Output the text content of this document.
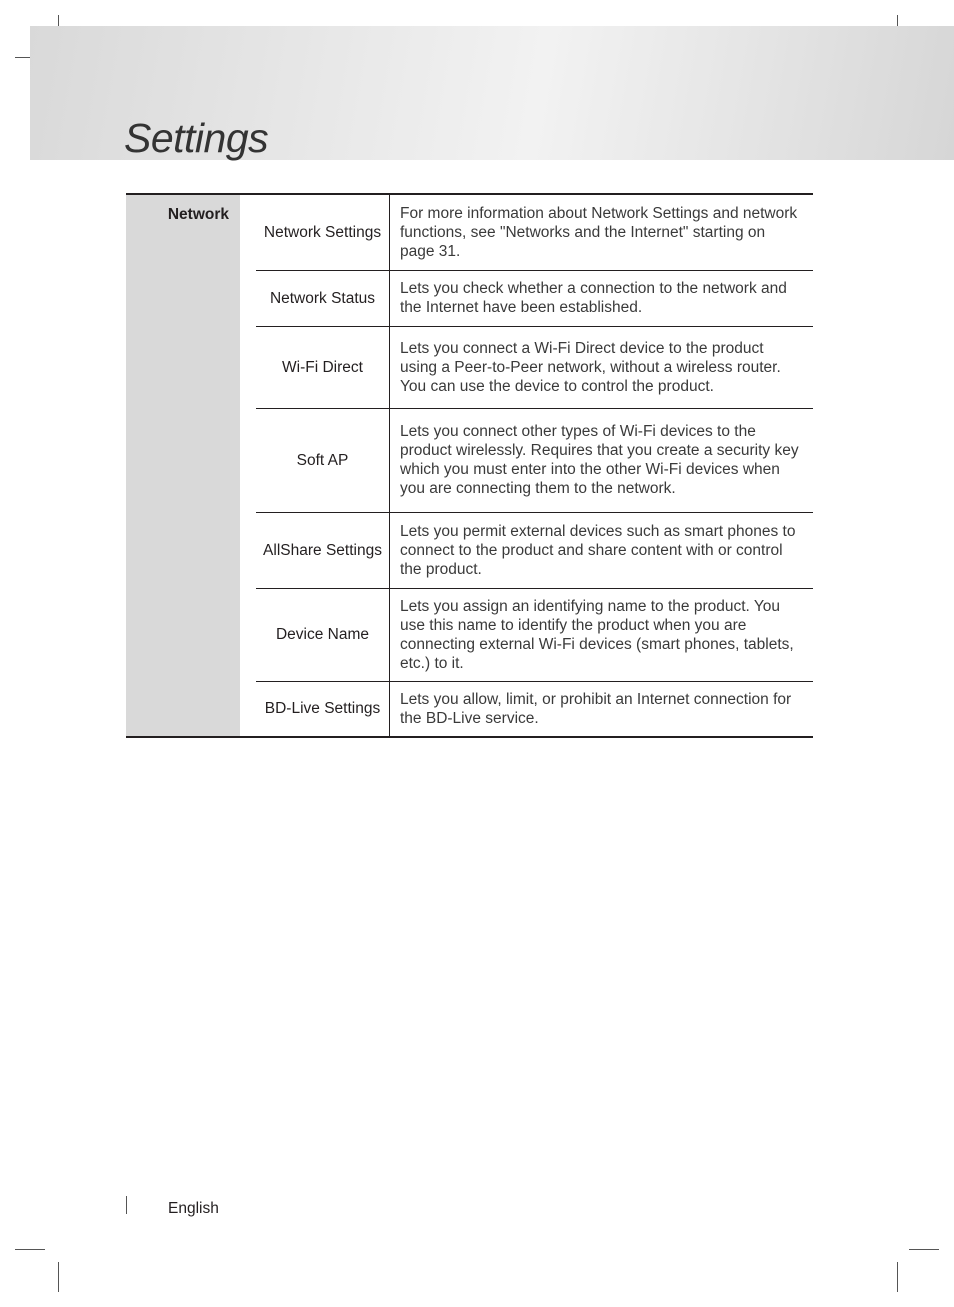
Settings
Network		Network Settings	For more information about Network Settings and network functions, see "Networks and the Internet" starting on page 31.
		Network Status	Lets you check whether a connection to the network and the Internet have been established.
		Wi-Fi Direct	Lets you connect a Wi-Fi Direct device to the product using a Peer-to-Peer network, without a wireless router. You can use the device to control the product.
		Soft AP	Lets you connect other types of Wi-Fi devices to the product wirelessly. Requires that you create a security key which you must enter into the other Wi-Fi devices when you are connecting them to the network.
		AllShare Settings	Lets you permit external devices such as smart phones to connect to the product and share content with or control the product.
		Device Name	Lets you assign an identifying name to the product. You use this name to identify the product when you are connecting external Wi-Fi devices (smart phones, tablets, etc.) to it.
		BD-Live Settings	Lets you allow, limit, or prohibit an Internet connection for the BD-Live service.
English
